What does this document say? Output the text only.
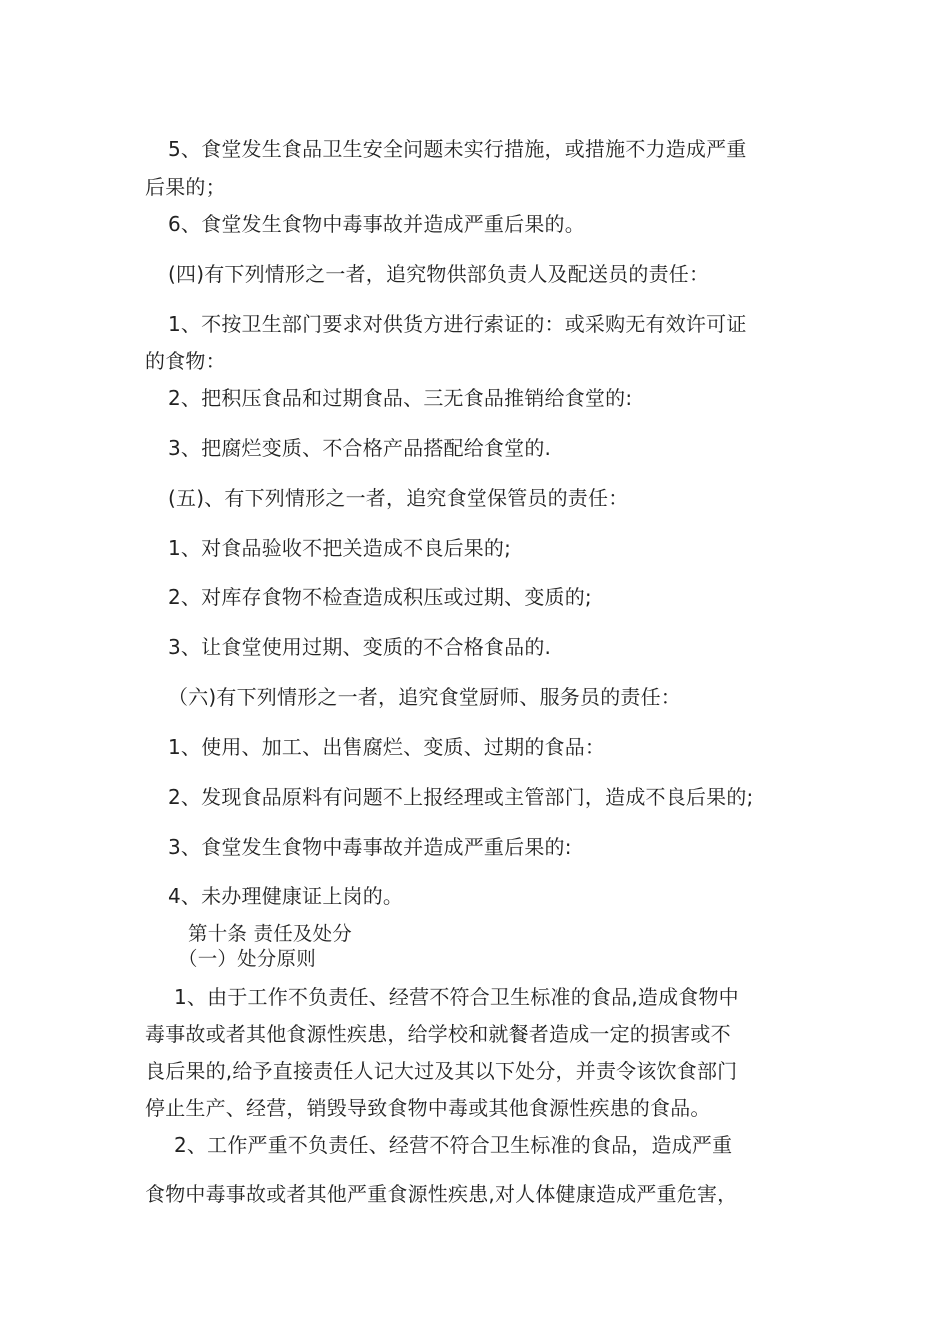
5、食堂发生食品卫生安全问题未实行措施，或措施不力造成严重

后果的；

6、食堂发生食物中毒事故并造成严重后果的。

(四)有下列情形之一者，追究物供部负责人及配送员的责任：

1、不按卫生部门要求对供货方进行索证的：或采购无有效许可证

的食物：

2、把积压食品和过期食品、三无食品推销给食堂的:

3、把腐烂变质、不合格产品搭配给食堂的.

(五)、有下列情形之一者，追究食堂保管员的责任：

1、对食品验收不把关造成不良后果的;

2、对库存食物不检查造成积压或过期、变质的;

3、让食堂使用过期、变质的不合格食品的.

（六)有下列情形之一者，追究食堂厨师、服务员的责任：

1、使用、加工、出售腐烂、变质、过期的食品：

2、发现食品原料有问题不上报经理或主管部门，造成不良后果的;

3、食堂发生食物中毒事故并造成严重后果的:

4、未办理健康证上岗的。

第十条 责任及处分

（一）处分原则

1、由于工作不负责任、经营不符合卫生标准的食品,造成食物中

毒事故或者其他食源性疾患，给学校和就餐者造成一定的损害或不

良后果的,给予直接责任人记大过及其以下处分，并责令该饮食部门

停止生产、经营，销毁导致食物中毒或其他食源性疾患的食品。

2、工作严重不负责任、经营不符合卫生标准的食品，造成严重

食物中毒事故或者其他严重食源性疾患,对人体健康造成严重危害，
